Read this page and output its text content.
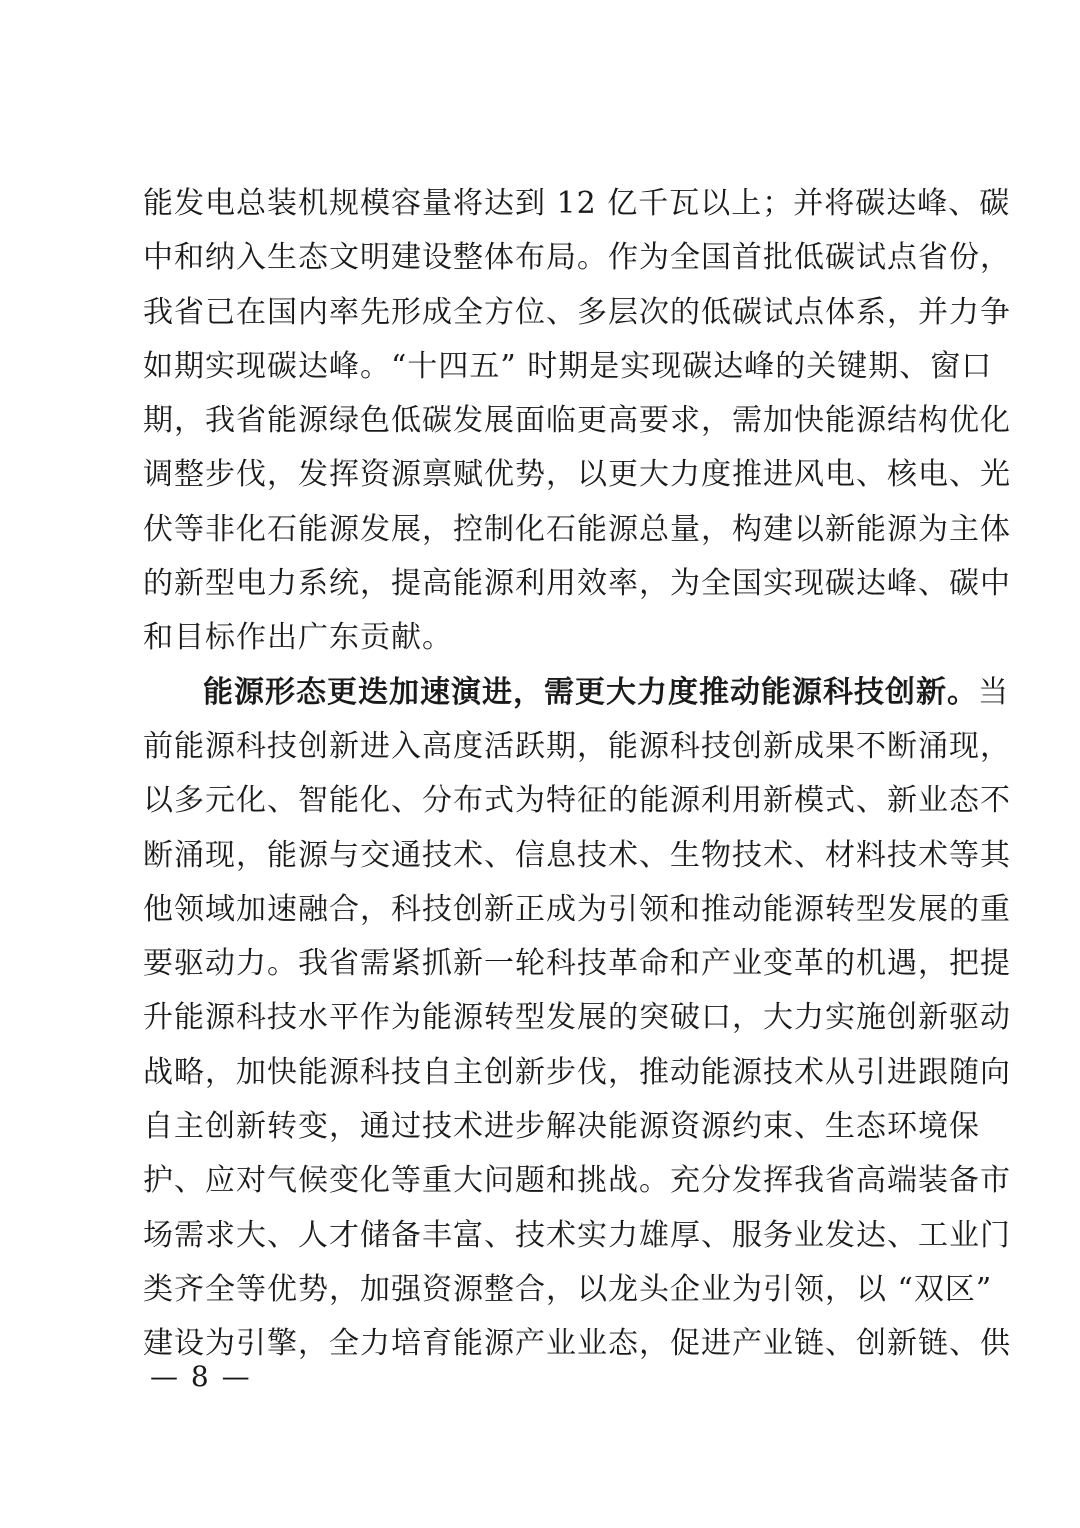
能发电总装机规模容量将达到 12 亿千瓦以上；并将碳达峰、碳
中和纳入生态文明建设整体布局。作为全国首批低碳试点省份，
我省已在国内率先形成全方位、多层次的低碳试点体系，并力争
如期实现碳达峰。“十四五” 时期是实现碳达峰的关键期、窗口
期，我省能源绿色低碳发展面临更高要求，需加快能源结构优化
调整步伐，发挥资源禀赋优势，以更大力度推进风电、核电、光
伏等非化石能源发展，控制化石能源总量，构建以新能源为主体
的新型电力系统，提高能源利用效率，为全国实现碳达峰、碳中
和目标作出广东贡献。
能源形态更迭加速演进，需更大力度推动能源科技创新。当
前能源科技创新进入高度活跃期，能源科技创新成果不断涌现，
以多元化、智能化、分布式为特征的能源利用新模式、新业态不
断涌现，能源与交通技术、信息技术、生物技术、材料技术等其
他领域加速融合，科技创新正成为引领和推动能源转型发展的重
要驱动力。我省需紧抓新一轮科技革命和产业变革的机遇，把提
升能源科技水平作为能源转型发展的突破口，大力实施创新驱动
战略，加快能源科技自主创新步伐，推动能源技术从引进跟随向
自主创新转变，通过技术进步解决能源资源约束、生态环境保
护、应对气候变化等重大问题和挑战。充分发挥我省高端装备市
场需求大、人才储备丰富、技术实力雄厚、服务业发达、工业门
类齐全等优势，加强资源整合，以龙头企业为引领，以 “双区”
建设为引擎，全力培育能源产业业态，促进产业链、创新链、供
— 8 —
